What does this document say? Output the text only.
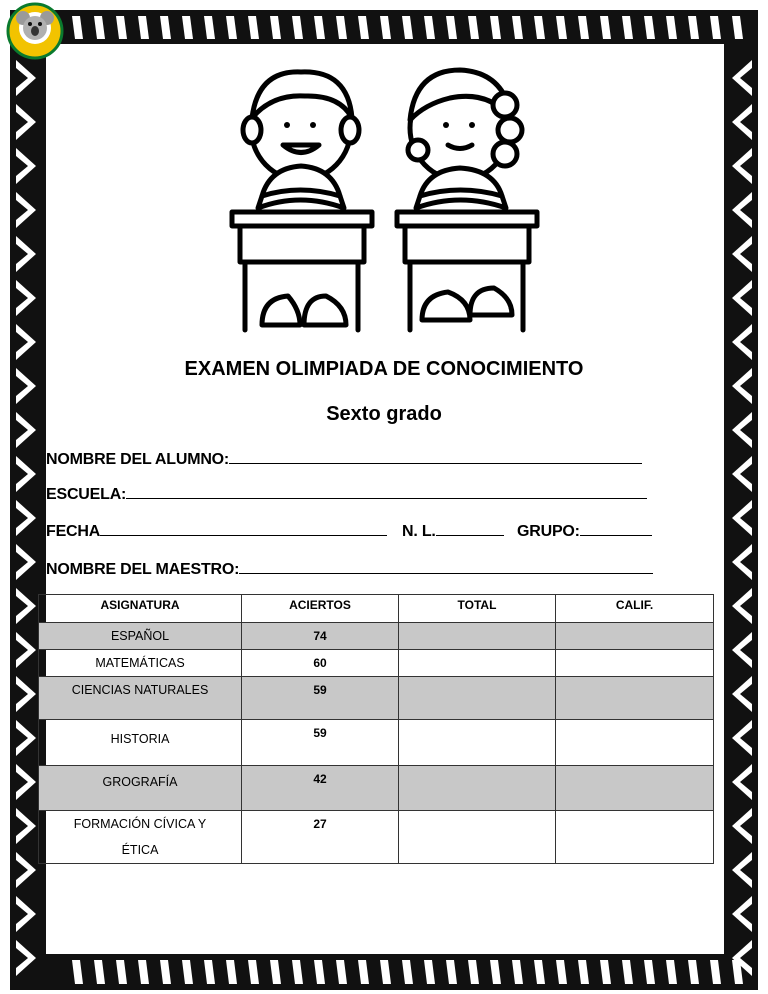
EXAMEN OLIMPIADA DE CONOCIMIENTO
Sexto grado
NOMBRE DEL ALUMNO:
ESCUELA:
FECHA	N. L.	GRUPO:
NOMBRE DEL MAESTRO:
ASIGNATURA	ACIERTOS	TOTAL	CALIF.
ESPAÑOL	74		
MATEMÁTICAS	60		
CIENCIAS NATURALES	59		
HISTORIA	59		
GROGRAFÍA	42		
FORMACIÓN CÍVICA Y ÉTICA	27		
